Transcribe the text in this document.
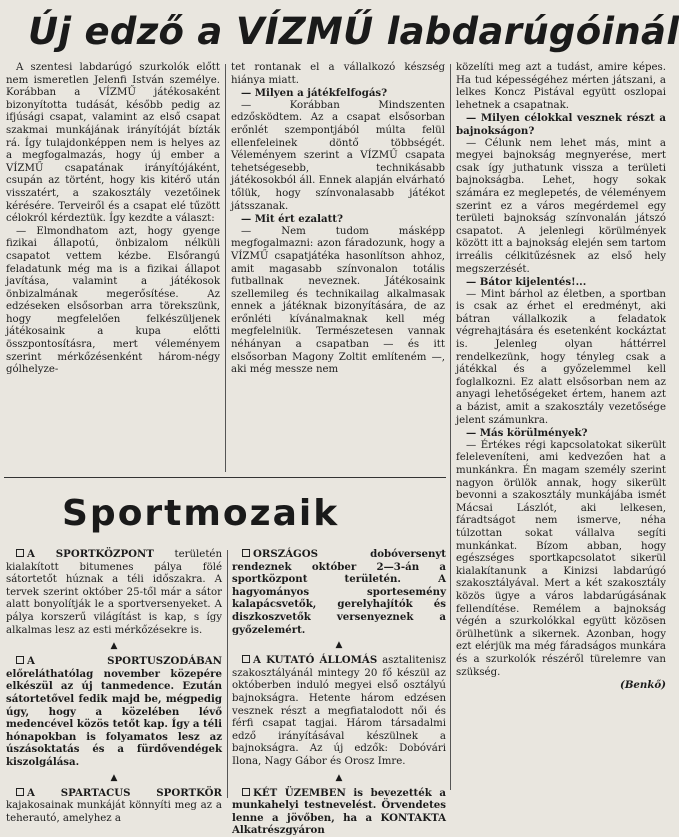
Új edző a VÍZMŰ labdarúgóinál

A szentesi labdarúgó szurkolók előtt nem ismeretlen Jelenfi István személye. Korábban a VÍZMŰ játékosaként bizonyította tudását, később pedig az ifjúsági csapat, valamint az első csapat szakmai munkájának irányítóját bízták rá. Így tulajdonképpen nem is helyes az a megfogalmazás, hogy új ember a VÍZMŰ csapatának irányítójáként, csupán az történt, hogy kis kitérő után visszatért, a szakosztály vezetőinek kérésére. Terveiről és a csapat elé tűzött célokról kérdeztük. Így kezdte a választ:

— Elmondhatom azt, hogy gyenge fizikai állapotú, önbizalom nélküli csapatot vettem kézbe. Elsőrangú feladatunk még ma is a fizikai állapot javítása, valamint a játékosok önbizalmának megerősítése. Az edzéseken elsősorban arra törekszünk, hogy megfelelően felkészüljenek játékosaink a kupa előtti összpontosításra, mert véleményem szerint mérkőzésenként három-négy gólhelyze-

tet rontanak el a vállalkozó készség hiánya miatt.

— Milyen a játékfelfogás?

— Korábban Mindszenten edzősködtem. Az a csapat elsősorban erőnlét szempontjából múlta felül ellenfeleinek döntő többségét. Véleményem szerint a VÍZMŰ csapata tehetségesebb, technikásabb játékosokból áll. Ennek alapján elvárható tőlük, hogy színvonalasabb játékot játsszanak.

— Mit ért ezalatt?

— Nem tudom másképp megfogalmazni: azon fáradozunk, hogy a VÍZMŰ csapatjátéka hasonlítson ahhoz, amit magasabb színvonalon totális futballnak neveznek. Játékosaink szellemileg és technikailag alkalmasak ennek a játéknak bizonyítására, de az erőnléti kívánalmaknak kell még megfelelniük. Természetesen vannak néhányan a csapatban — és itt elsősorban Magony Zoltit említeném —, aki még messze nem

közelíti meg azt a tudást, amire képes. Ha tud képességéhez mérten játszani, a lelkes Koncz Pistával együtt oszlopai lehetnek a csapatnak.

— Milyen célokkal vesznek részt a bajnokságon?

— Célunk nem lehet más, mint a megyei bajnokság megnyerése, mert csak így juthatunk vissza a területi bajnokságba. Lehet, hogy sokak számára ez meglepetés, de véleményem szerint ez a város megérdemel egy területi bajnokság színvonalán játszó csapatot. A jelenlegi körülmények között itt a bajnokság elején sem tartom irreális célkitűzésnek az első hely megszerzését.

— Bátor kijelentés!...

— Mint bárhol az életben, a sportban is csak az érhet el eredményt, aki bátran vállalkozik a feladatok végrehajtására és esetenként kockáztat is. Jelenleg olyan háttérrel rendelkezünk, hogy tényleg csak a játékkal és a győzelemmel kell foglalkozni. Ez alatt elsősorban nem az anyagi lehetőségeket értem, hanem azt a bázist, amit a szakosztály vezetősége jelent számunkra.

— Más körülmények?

— Értékes régi kapcsolatokat sikerült feleleveníteni, ami kedvezően hat a munkánkra. Én magam személy szerint nagyon örülök annak, hogy sikerült bevonni a szakosztály munkájába ismét Mácsai Lászlót, aki lelkesen, fáradtságot nem ismerve, néha túlzottan sokat vállalva segíti munkánkat. Bízom abban, hogy egészséges sportkapcsolatot sikerül kialakítanunk a Kinizsi labdarúgó szakosztályával. Mert a két szakosztály közös ügye a város labdarúgásának fellendítése. Remélem a bajnokság végén a szurkolókkal együtt közösen örülhetünk a sikernek. Azonban, hogy ezt elérjük ma még fáradságos munkára és a szurkolók részéről türelemre van szükség.

(Benkő)

Sportmozaik

A SPORTKÖZPONT területén kialakított bitumenes pálya fölé sátortetőt húznak a téli időszakra. A tervek szerint október 25-től már a sátor alatt bonyolítják le a sportversenyeket. A pálya korszerű világítást is kap, s így alkalmas lesz az esti mérkőzésekre is.

▲

A SPORTUSZODÁBAN előreláthatólag november közepére elkészül az új tanmedence. Ezután sátortetővel fedik majd be, mégpedig úgy, hogy a közelében lévő medencével közös tetőt kap. Így a téli hónapokban is folyamatos lesz az úszásoktatás és a fürdővendégek kiszolgálása.

▲

A SPARTACUS SPORTKÖR kajakosainak munkáját könnyíti meg az a teherautó, amelyhez a

ORSZÁGOS dobóversenyt rendeznek október 2—3-án a sportközpont területén. A hagyományos sportesemény kalapácsvetők, gerelyhajítók és diszkoszvetők versenyeznek a győzelemért.

▲

A KUTATÓ ÁLLOMÁS asztalitenisz szakosztályánál mintegy 20 fő készül az októberben induló megyei első osztályú bajnokságra. Hetente három edzésen vesznek részt a megfiatalodott női és férfi csapat tagjai. Három társadalmi edző irányításával készülnek a bajnokságra. Az új edzők: Dobóvári Ilona, Nagy Gábor és Orosz Imre.

▲

KÉT ÜZEMBEN is bevezették a munkahelyi testnevelést. Örvendetes lenne a jövőben, ha a KONTAKTA Alkatrészgyáron
